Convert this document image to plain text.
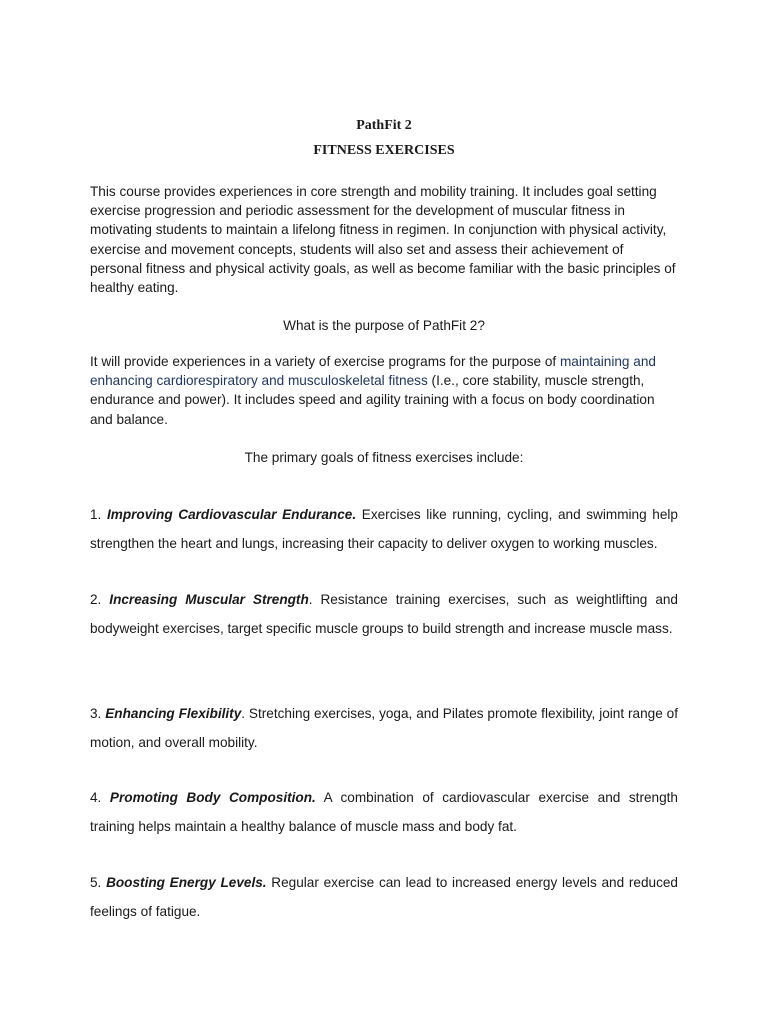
PathFit 2
FITNESS EXERCISES
This course provides experiences in core strength and mobility training. It includes goal setting exercise progression and periodic assessment for the development of muscular fitness in motivating students to maintain a lifelong fitness in regimen. In conjunction with physical activity, exercise and movement concepts, students will also set and assess their achievement of personal fitness and physical activity goals, as well as become familiar with the basic principles of healthy eating.
What is the purpose of PathFit 2?
It will provide experiences in a variety of exercise programs for the purpose of maintaining and enhancing cardiorespiratory and musculoskeletal fitness (I.e., core stability, muscle strength, endurance and power). It includes speed and agility training with a focus on body coordination and balance.
The primary goals of fitness exercises include:
1. Improving Cardiovascular Endurance. Exercises like running, cycling, and swimming help strengthen the heart and lungs, increasing their capacity to deliver oxygen to working muscles.
2. Increasing Muscular Strength. Resistance training exercises, such as weightlifting and bodyweight exercises, target specific muscle groups to build strength and increase muscle mass.
3. Enhancing Flexibility. Stretching exercises, yoga, and Pilates promote flexibility, joint range of motion, and overall mobility.
4. Promoting Body Composition. A combination of cardiovascular exercise and strength training helps maintain a healthy balance of muscle mass and body fat.
5. Boosting Energy Levels. Regular exercise can lead to increased energy levels and reduced feelings of fatigue.
